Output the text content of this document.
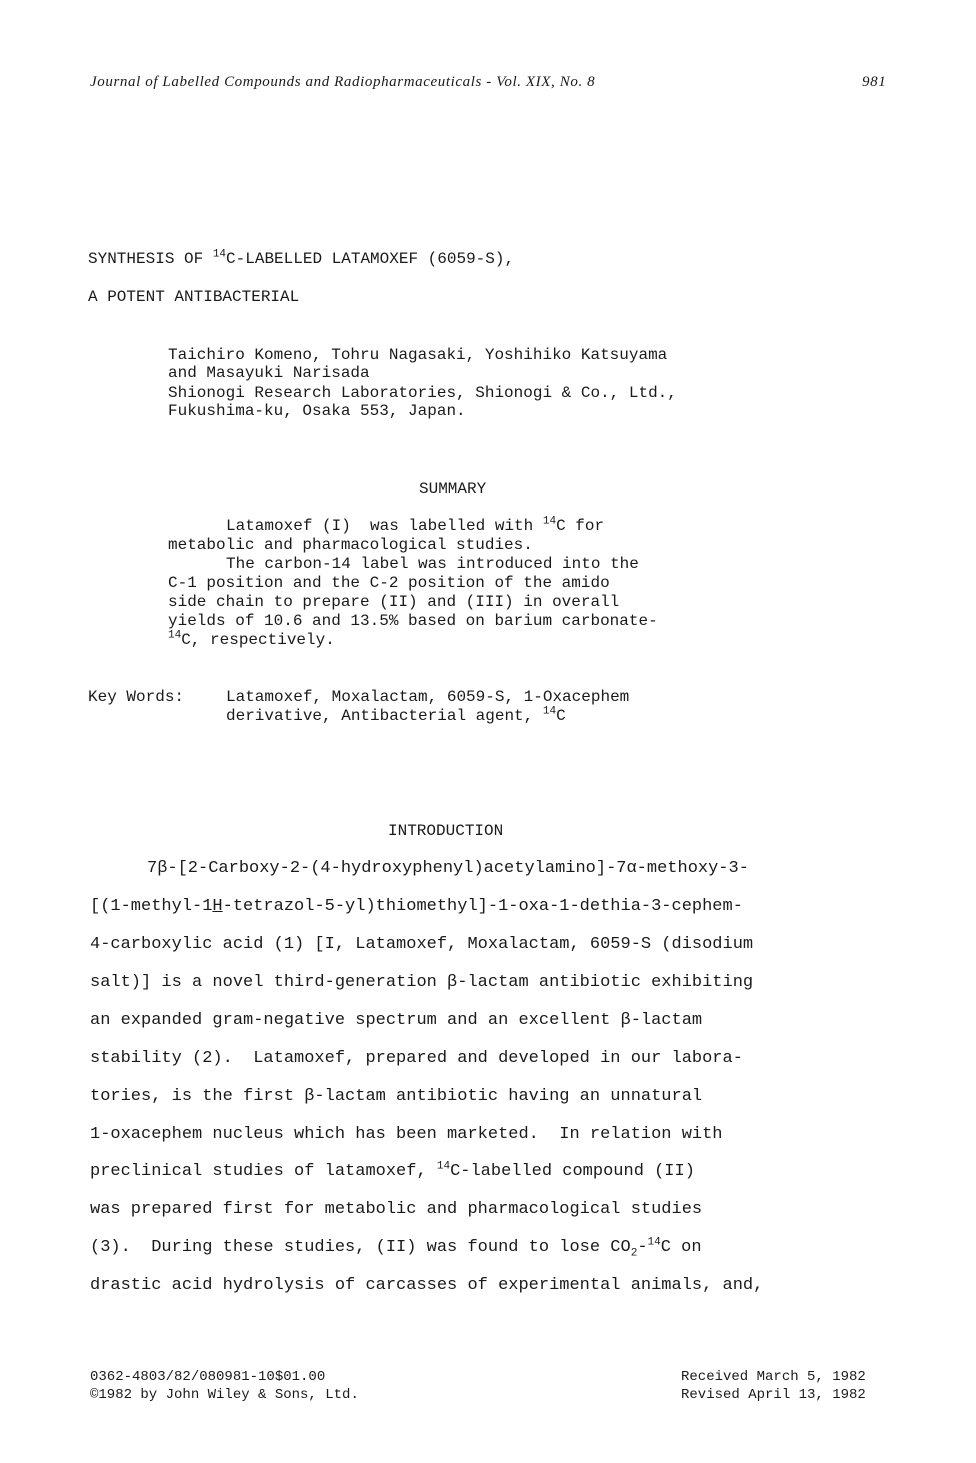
Journal of Labelled Compounds and Radiopharmaceuticals - Vol. XIX, No. 8	981
SYNTHESIS OF $^{14}$C-LABELLED LATAMOXEF (6059-S),
A POTENT ANTIBACTERIAL
Taichiro Komeno, Tohru Nagasaki, Yoshihiko Katsuyama
and Masayuki Narisada
Shionogi Research Laboratories, Shionogi & Co., Ltd.,
Fukushima-ku, Osaka 553, Japan.
SUMMARY
Latamoxef (I)  was labelled with $^{14}$C for
metabolic and pharmacological studies.
The carbon-14 label was introduced into the
C-1 position and the C-2 position of the amido
side chain to prepare (II) and (III) in overall
yields of 10.6 and 13.5% based on barium carbonate-
$^{14}$C, respectively.
Key Words:	Latamoxef, Moxalactam, 6059-S, 1-Oxacephem
derivative, Antibacterial agent, $^{14}$C
INTRODUCTION
7β-[2-Carboxy-2-(4-hydroxyphenyl)acetylamino]-7α-methoxy-3-
[(1-methyl-1H-tetrazol-5-yl)thiomethyl]-1-oxa-1-dethia-3-cephem-
4-carboxylic acid (1) [I, Latamoxef, Moxalactam, 6059-S (disodium
salt)] is a novel third-generation β-lactam antibiotic exhibiting
an expanded gram-negative spectrum and an excellent β-lactam
stability (2).  Latamoxef, prepared and developed in our labora-
tories, is the first β-lactam antibiotic having an unnatural
1-oxacephem nucleus which has been marketed.  In relation with
preclinical studies of latamoxef, $^{14}$C-labelled compound (II)
was prepared first for metabolic and pharmacological studies
(3).  During these studies, (II) was found to lose $CO_2-^{14}C$ on
drastic acid hydrolysis of carcasses of experimental animals, and,
0362-4803/82/080981-10$01.00
©1982 by John Wiley & Sons, Ltd.
Received March 5, 1982
Revised April 13, 1982
